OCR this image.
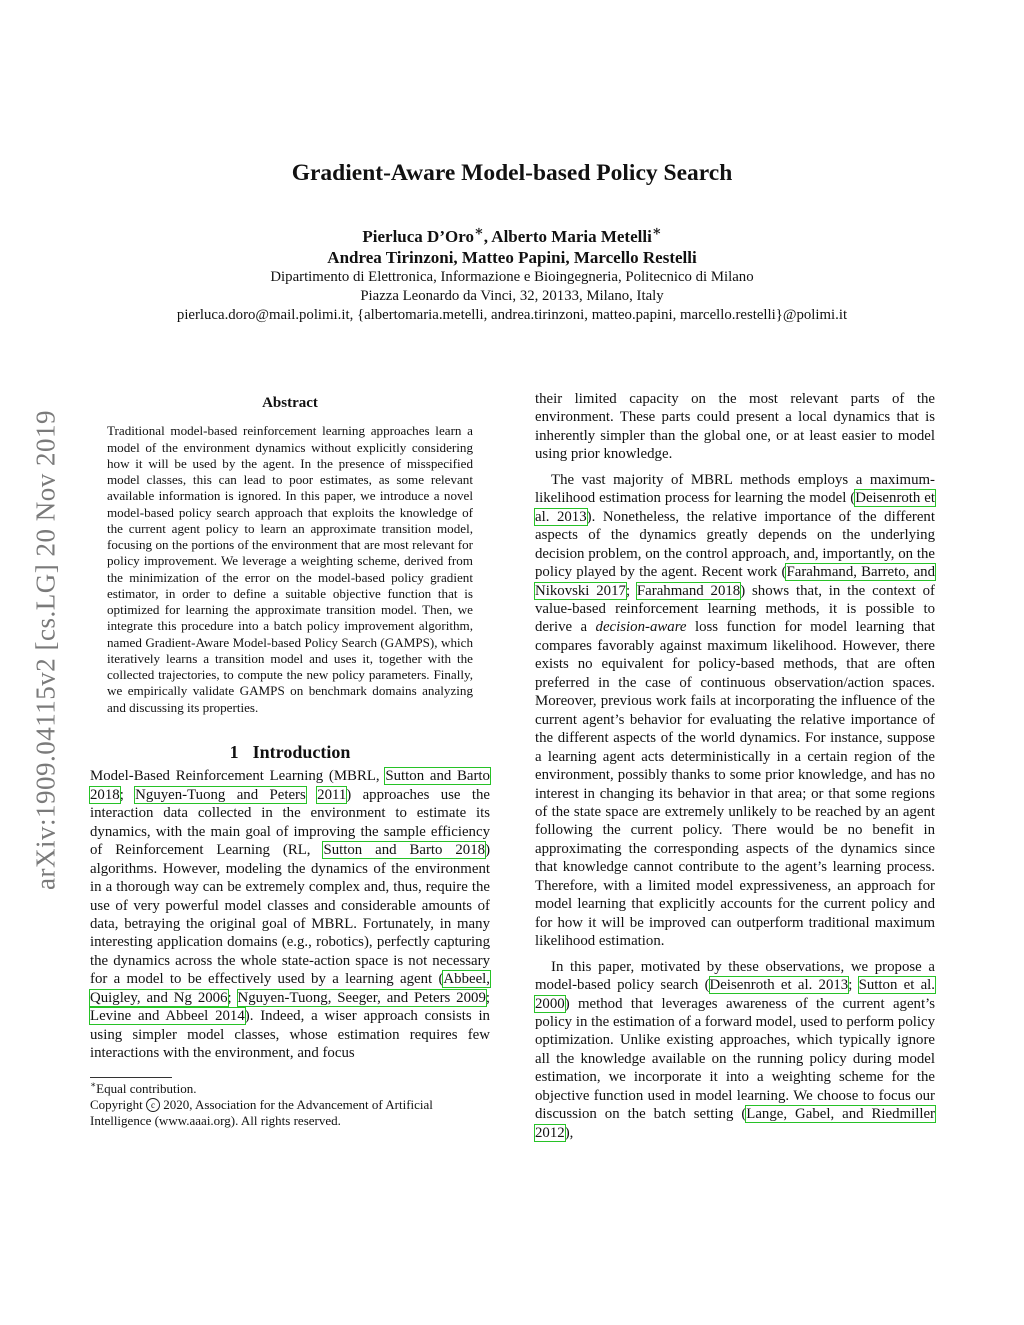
arXiv:1909.04115v2 [cs.LG] 20 Nov 2019
Gradient-Aware Model-based Policy Search
Pierluca D’Oro∗, Alberto Maria Metelli∗
Andrea Tirinzoni, Matteo Papini, Marcello Restelli
Dipartimento di Elettronica, Informazione e Bioingegneria, Politecnico di Milano
Piazza Leonardo da Vinci, 32, 20133, Milano, Italy
pierluca.doro@mail.polimi.it, {albertomaria.metelli, andrea.tirinzoni, matteo.papini, marcello.restelli}@polimi.it
Abstract

Traditional model-based reinforcement learning approaches learn a model of the environment dynamics without explicitly considering how it will be used by the agent. In the presence of misspecified model classes, this can lead to poor estimates, as some relevant available information is ignored. In this paper, we introduce a novel model-based policy search approach that exploits the knowledge of the current agent policy to learn an approximate transition model, focusing on the portions of the environment that are most relevant for policy improvement. We leverage a weighting scheme, derived from the minimization of the error on the model-based policy gradient estimator, in order to define a suitable objective function that is optimized for learning the approximate transition model. Then, we integrate this procedure into a batch policy improvement algorithm, named Gradient-Aware Model-based Policy Search (GAMPS), which iteratively learns a transition model and uses it, together with the collected trajectories, to compute the new policy parameters. Finally, we empirically validate GAMPS on benchmark domains analyzing and discussing its properties.

1 Introduction

Model-Based Reinforcement Learning (MBRL, Sutton and Barto 2018; Nguyen-Tuong and Peters 2011) approaches use the interaction data collected in the environment to estimate its dynamics, with the main goal of improving the sample efficiency of Reinforcement Learning (RL, Sutton and Barto 2018) algorithms. However, modeling the dynamics of the environment in a thorough way can be extremely complex and, thus, require the use of very powerful model classes and considerable amounts of data, betraying the original goal of MBRL. Fortunately, in many interesting application domains (e.g., robotics), perfectly capturing the dynamics across the whole state-action space is not necessary for a model to be effectively used by a learning agent (Abbeel, Quigley, and Ng 2006; Nguyen-Tuong, Seeger, and Peters 2009; Levine and Abbeel 2014). Indeed, a wiser approach consists in using simpler model classes, whose estimation requires few interactions with the environment, and focus

∗Equal contribution.
Copyright c 2020, Association for the Advancement of Artificial Intelligence (www.aaai.org). All rights reserved.

their limited capacity on the most relevant parts of the environment. These parts could present a local dynamics that is inherently simpler than the global one, or at least easier to model using prior knowledge.

The vast majority of MBRL methods employs a maximum-likelihood estimation process for learning the model (Deisenroth et al. 2013). Nonetheless, the relative importance of the different aspects of the dynamics greatly depends on the underlying decision problem, on the control approach, and, importantly, on the policy played by the agent. Recent work (Farahmand, Barreto, and Nikovski 2017; Farahmand 2018) shows that, in the context of value-based reinforcement learning methods, it is possible to derive a decision-aware loss function for model learning that compares favorably against maximum likelihood. However, there exists no equivalent for policy-based methods, that are often preferred in the case of continuous observation/action spaces. Moreover, previous work fails at incorporating the influence of the current agent’s behavior for evaluating the relative importance of the different aspects of the world dynamics. For instance, suppose a learning agent acts deterministically in a certain region of the environment, possibly thanks to some prior knowledge, and has no interest in changing its behavior in that area; or that some regions of the state space are extremely unlikely to be reached by an agent following the current policy. There would be no benefit in approximating the corresponding aspects of the dynamics since that knowledge cannot contribute to the agent’s learning process. Therefore, with a limited model expressiveness, an approach for model learning that explicitly accounts for the current policy and for how it will be improved can outperform traditional maximum likelihood estimation.

In this paper, motivated by these observations, we propose a model-based policy search (Deisenroth et al. 2013; Sutton et al. 2000) method that leverages awareness of the current agent’s policy in the estimation of a forward model, used to perform policy optimization. Unlike existing approaches, which typically ignore all the knowledge available on the running policy during model estimation, we incorporate it into a weighting scheme for the objective function used in model learning. We choose to focus our discussion on the batch setting (Lange, Gabel, and Riedmiller 2012),
